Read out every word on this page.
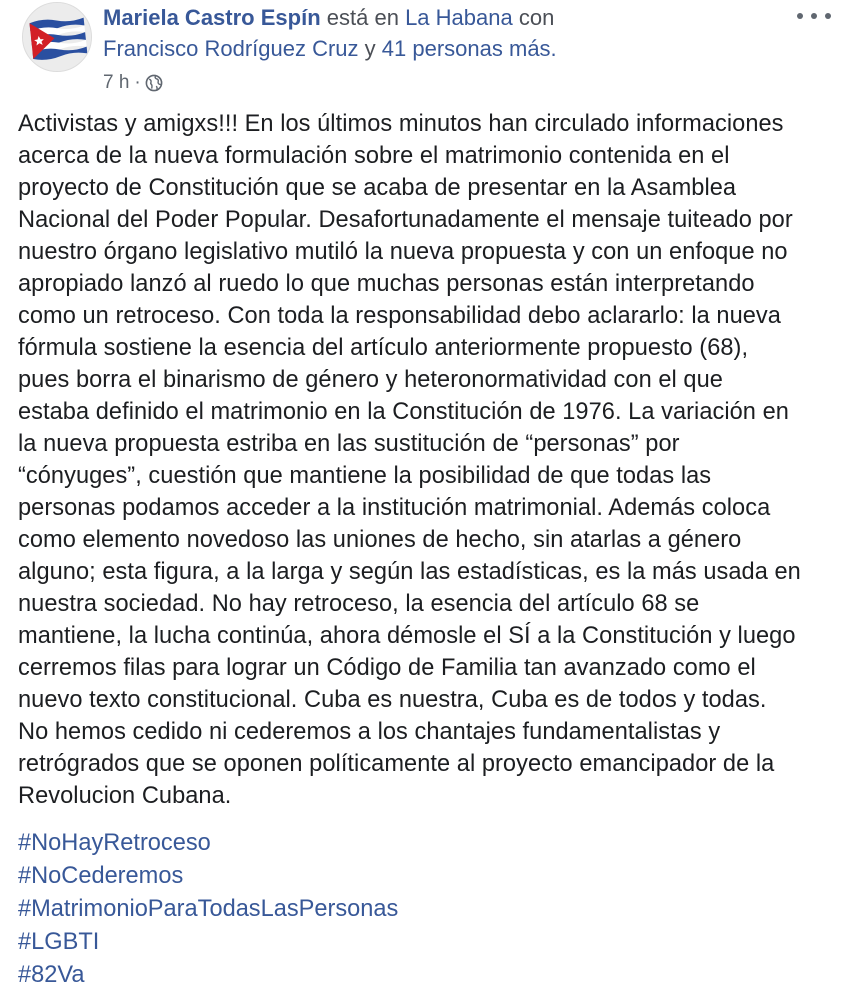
Mariela Castro Espín está en La Habana con
Francisco Rodríguez Cruz y 41 personas más.
7 h ·
Activistas y amigxs!!! En los últimos minutos han circulado informaciones
acerca de la nueva formulación sobre el matrimonio contenida en el
proyecto de Constitución que se acaba de presentar en la Asamblea
Nacional del Poder Popular. Desafortunadamente el mensaje tuiteado por
nuestro órgano legislativo mutiló la nueva propuesta y con un enfoque no
apropiado lanzó al ruedo lo que muchas personas están interpretando
como un retroceso. Con toda la responsabilidad debo aclararlo: la nueva
fórmula sostiene la esencia del artículo anteriormente propuesto (68),
pues borra el binarismo de género y heteronormatividad con el que
estaba definido el matrimonio en la Constitución de 1976. La variación en
la nueva propuesta estriba en las sustitución de “personas” por
“cónyuges”, cuestión que mantiene la posibilidad de que todas las
personas podamos acceder a la institución matrimonial. Además coloca
como elemento novedoso las uniones de hecho, sin atarlas a género
alguno; esta figura, a la larga y según las estadísticas, es la más usada en
nuestra sociedad. No hay retroceso, la esencia del artículo 68 se
mantiene, la lucha continúa, ahora démosle el SÍ a la Constitución y luego
cerremos filas para lograr un Código de Familia tan avanzado como el
nuevo texto constitucional. Cuba es nuestra, Cuba es de todos y todas.
No hemos cedido ni cederemos a los chantajes fundamentalistas y
retrógrados que se oponen políticamente al proyecto emancipador de la
Revolucion Cubana.
#NoHayRetroceso
#NoCederemos
#MatrimonioParaTodasLasPersonas
#LGBTI
#82Va
